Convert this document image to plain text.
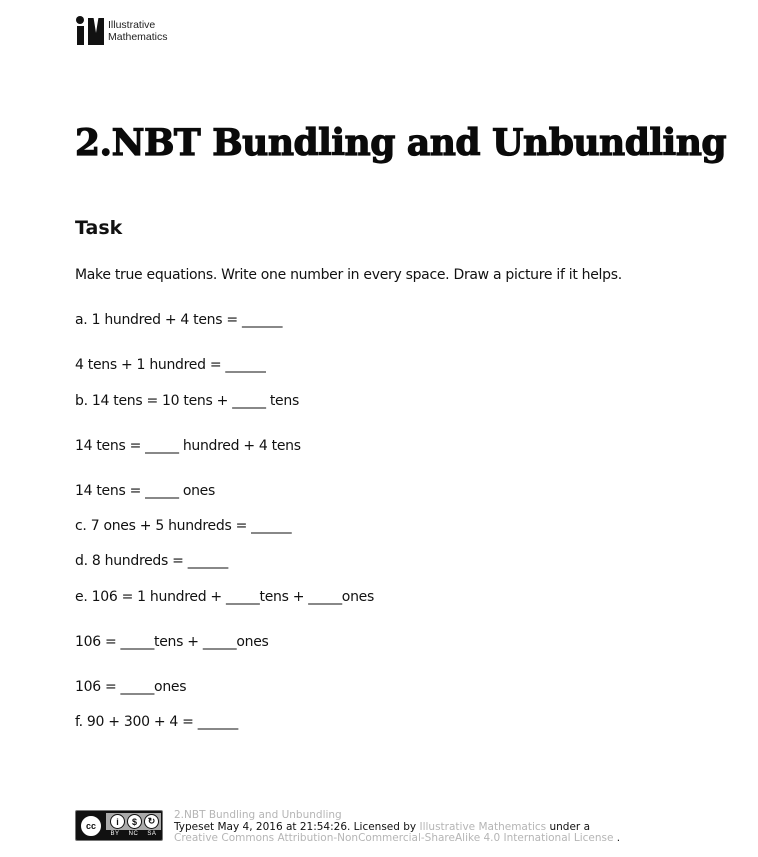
Illustrative
Mathematics
2.NBT Bundling and Unbundling
Task

Make true equations. Write one number in every space. Draw a picture if it helps.

a. 1 hundred + 4 tens = ______

4 tens + 1 hundred = ______

b. 14 tens = 10 tens + _____ tens

14 tens = _____ hundred + 4 tens

14 tens = _____ ones

c. 7 ones + 5 hundreds = ______

d. 8 hundreds = ______

e. 106 = 1 hundred + _____tens + _____ones

106 = _____tens + _____ones

106 = _____ones

f. 90 + 300 + 4 = ______

cc	i	$	↻
BY NC SA
2.NBT Bundling and Unbundling
Typeset May 4, 2016 at 21:54:26. Licensed by Illustrative Mathematics under a
Creative Commons Attribution-NonCommercial-ShareAlike 4.0 International License .
